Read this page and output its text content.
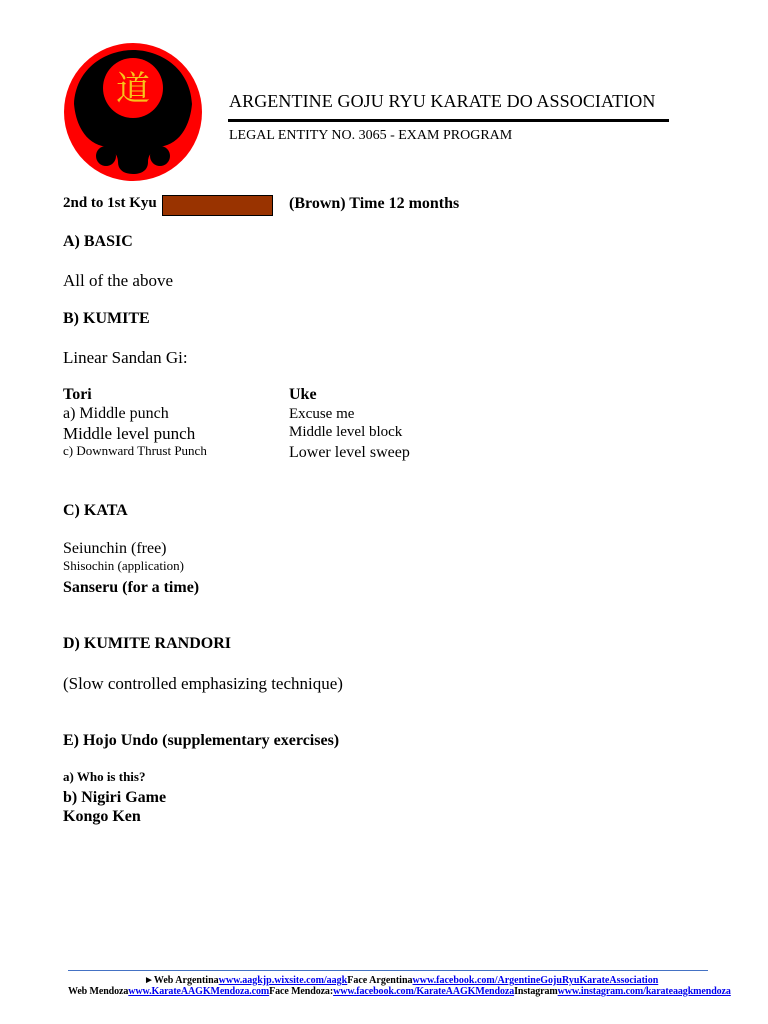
道	ARGENTINE GOJU RYU KARATE DO ASSOCIATION
LEGAL ENTITY NO. 3065 - EXAM PROGRAM
2nd to 1st Kyu	(Brown) Time 12 months
A) BASIC
All of the above
B) KUMITE
Linear Sandan Gi:
Tori
a) Middle punch
Middle level punch
c) Downward Thrust Punch
Uke
Excuse me
Middle level block
Lower level sweep
C) KATA
Seiunchin (free)
Shisochin (application)
Sanseru (for a time)
D) KUMITE RANDORI
(Slow controlled emphasizing technique)
E) Hojo Undo (supplementary exercises)
a) Who is this?
b) Nigiri Game
Kongo Ken
►Web Argentinawww.aagkjp.wixsite.com/aagkFace Argentinawww.facebook.com/ArgentineGojuRyuKarateAssociation
Web Mendozawww.KarateAAGKMendoza.comFace Mendoza:www.facebook.com/KarateAAGKMendozaInstagramwww.instagram.com/karateaagkmendoza
